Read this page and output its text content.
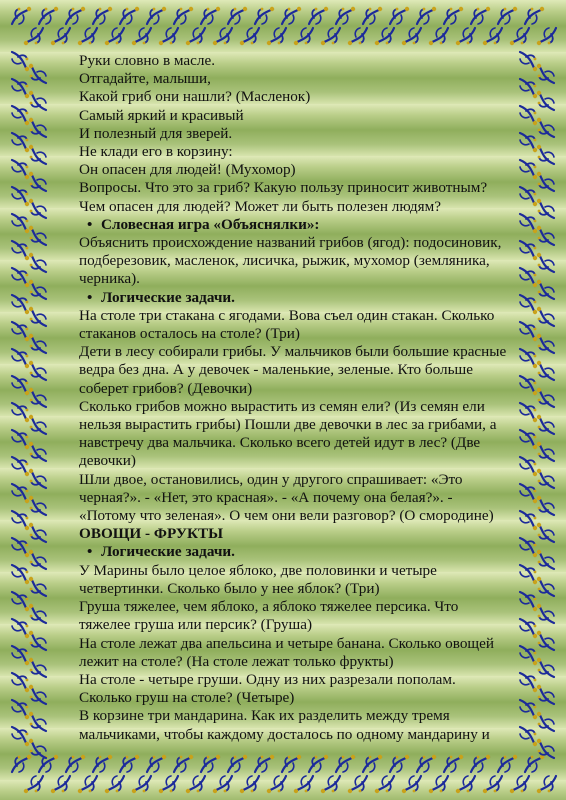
Руки словно в масле.

Отгадайте, малыши,

Какой гриб они нашли? (Масленок)

Самый яркий и красивый

И полезный для зверей.

Не клади его в корзину:

Он опасен для людей! (Мухомор)

Вопросы. Что это за гриб? Какую пользу приносит животным? Чем опасен для людей? Может ли быть полезен людям?

• Словесная игра «Объяснялки»:

Объяснить происхождение названий грибов (ягод): подосиновик, подберезовик, масленок, лисичка, рыжик, мухомор (земляника, черника).

• Логические задачи.

На столе три стакана с ягодами. Вова съел один стакан. Сколько стаканов осталось на столе? (Три)

Дети в лесу собирали грибы. У мальчиков были большие красные ведра без дна. А у девочек - маленькие, зеленые. Кто больше соберет грибов? (Девочки)

Сколько грибов можно вырастить из семян ели? (Из семян ели нельзя вырастить грибы) Пошли две девочки в лес за грибами, а навстречу два мальчика. Сколько всего детей идут в лес? (Две девочки)

Шли двое, остановились, один у другого спрашивает: «Это черная?». - «Нет, это красная». - «А почему она белая?». - «Потому что зеленая». О чем они вели разговор? (О смородине)

ОВОЩИ - ФРУКТЫ

• Логические задачи.

У Марины было целое яблоко, две половинки и четыре четвертинки. Сколько было у нее яблок? (Три)

Груша тяжелее, чем яблоко, а яблоко тяжелее персика. Что тяжелее груша или персик? (Груша)

На столе лежат два апельсина и четыре банана. Сколько овощей лежит на столе? (На столе лежат только фрукты)

На столе - четыре груши. Одну из них разрезали пополам. Сколько груш на столе? (Четыре)

В корзине три мандарина. Как их разделить между тремя мальчиками, чтобы каждому досталось по одному мандарину и
